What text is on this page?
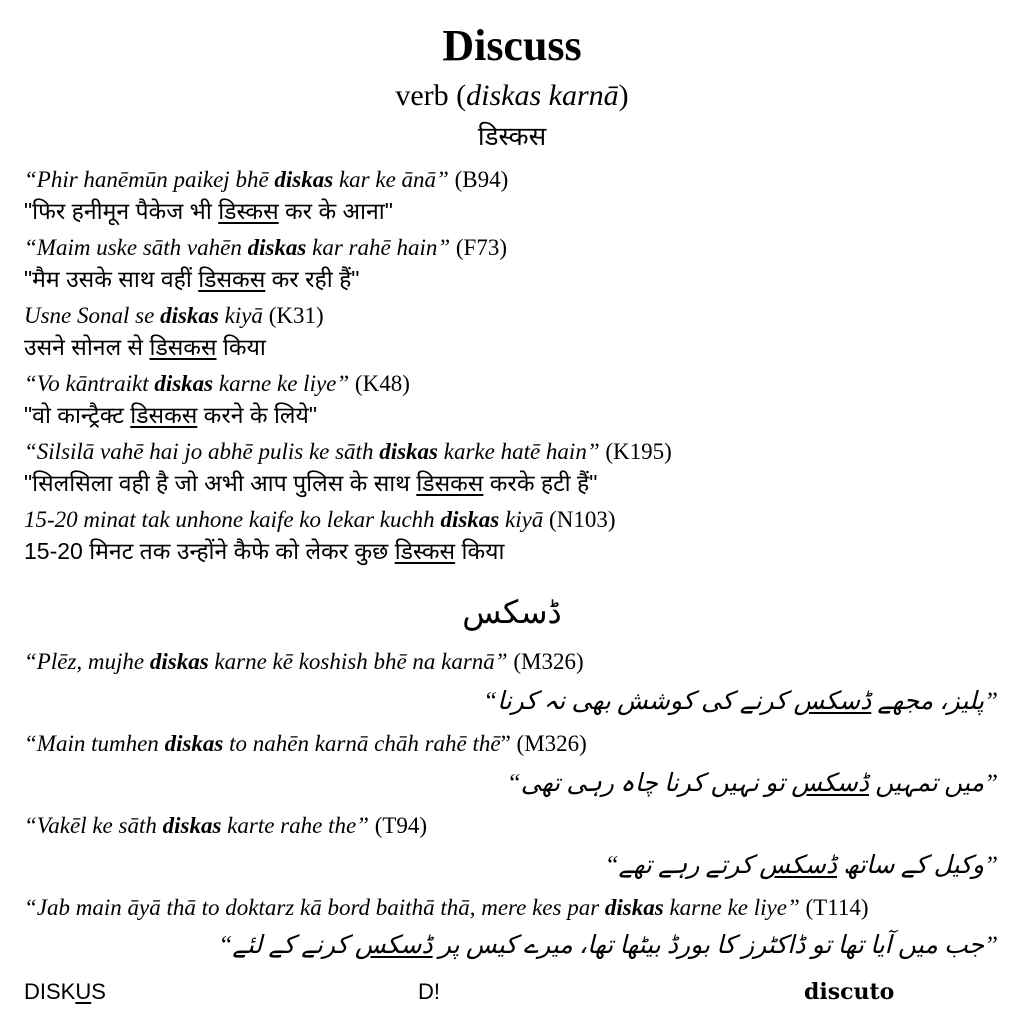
Discuss
verb (diskas karnā)
डिस्कस
“Phir hanēmūn paikej bhē diskas kar ke ānā” (B94)
"फिर हनीमून पैकेज भी डिस्कस कर के आना"
“Maim uske sāth vahēn diskas kar rahē hain” (F73)
"मैम उसके साथ वहीं डिसकस कर रही हैं"
Usne Sonal se diskas kiyā (K31)
उसने सोनल से डिसकस किया
“Vo kāntraikt diskas karne ke liye” (K48)
"वो कान्ट्रैक्ट डिसकस करने के लिये"
“Silsilā vahē hai jo abhē pulis ke sāth diskas karke hatē hain” (K195)
"सिलसिला वही है जो अभी आप पुलिस के साथ डिसकस करके हटी हैं"
15-20 minat tak unhone kaife ko lekar kuchh diskas kiyā (N103)
15-20 मिनट तक उन्होंने कैफे को लेकर कुछ डिस्कस किया
ڈسکس
“Plēz, mujhe diskas karne kē koshish bhē na karnā” (M326)
”پلیز، مجھے ڈسکس کرنے کی کوشش بھی نہ کرنا“
“Main tumhen diskas to nahēn karnā chāh rahē thē” (M326)
”میں تمہیں ڈسکس تو نہیں کرنا چاہ رہی تھی“
“Vakēl ke sāth diskas karte rahe the” (T94)
”وکیل کے ساتھ ڈسکس کرتے رہے تھے“
“Jab main āyā thā to doktarz kā bord baithā thā, mere kes par diskas karne ke liye” (T114)
”جب میں آیا تھا تو ڈاکٹرز کا بورڈ بیٹھا تھا، میرے کیس پر ڈسکس کرنے کے لئے“
DISKUS	D!	discuto
